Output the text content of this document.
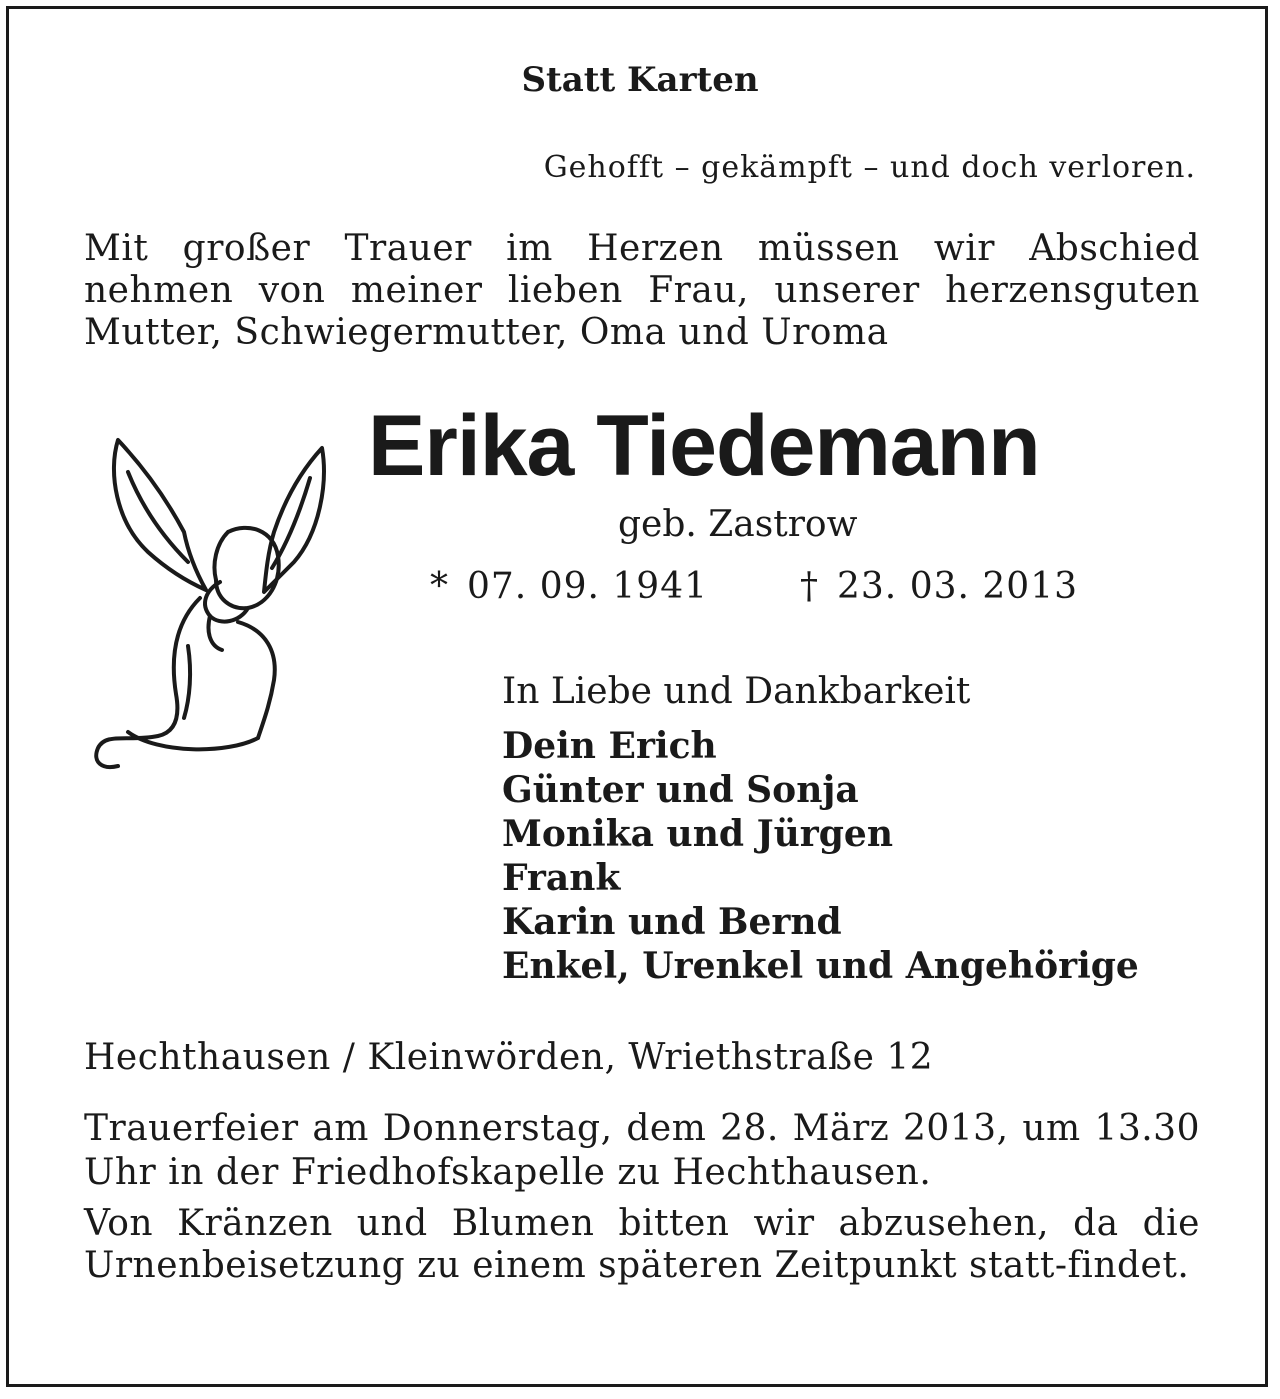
Statt Karten
Gehofft – gekämpft – und doch verloren.
Mit großer Trauer im Herzen müssen wir Abschied nehmen von meiner lieben Frau, unserer herzensguten Mutter, Schwiegermutter, Oma und Uroma
Erika Tiedemann
geb. Zastrow
* 07. 09. 1941	† 23. 03. 2013
In Liebe und Dankbarkeit
Dein Erich
Günter und Sonja
Monika und Jürgen
Frank
Karin und Bernd
Enkel, Urenkel und Angehörige
Hechthausen / Kleinwörden, Wriethstraße 12
Trauerfeier am Donnerstag, dem 28. März 2013, um 13.30 Uhr in der Friedhofskapelle zu Hechthausen.
Von Kränzen und Blumen bitten wir abzusehen, da die Urnenbeisetzung zu einem späteren Zeitpunkt statt-findet.
